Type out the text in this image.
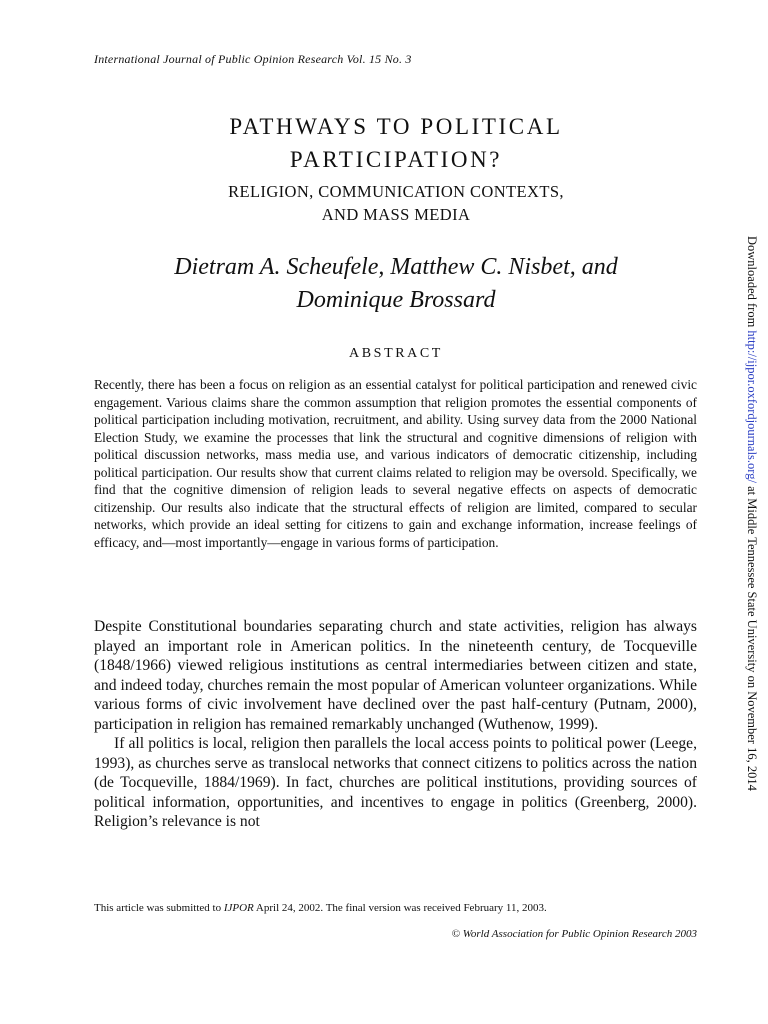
International Journal of Public Opinion Research Vol. 15 No. 3
PATHWAYS TO POLITICAL
PARTICIPATION?
RELIGION, COMMUNICATION CONTEXTS,
AND MASS MEDIA
Dietram A. Scheufele, Matthew C. Nisbet, and
Dominique Brossard
ABSTRACT
Recently, there has been a focus on religion as an essential catalyst for political participation and renewed civic engagement. Various claims share the common assumption that religion promotes the essential components of political participation including motivation, recruitment, and ability. Using survey data from the 2000 National Election Study, we examine the processes that link the structural and cognitive dimensions of religion with political discussion networks, mass media use, and various indicators of democratic citizenship, including political participation. Our results show that current claims related to religion may be oversold. Specifically, we find that the cognitive dimension of religion leads to several negative effects on aspects of democratic citizenship. Our results also indicate that the structural effects of religion are limited, compared to secular networks, which provide an ideal setting for citizens to gain and exchange information, increase feelings of efficacy, and—most importantly—engage in various forms of participation.

Despite Constitutional boundaries separating church and state activities, religion has always played an important role in American politics. In the nineteenth century, de Tocqueville (1848/1966) viewed religious institutions as central intermediaries between citizen and state, and indeed today, churches remain the most popular of American volunteer organizations. While various forms of civic involvement have declined over the past half-century (Putnam, 2000), participation in religion has remained remarkably unchanged (Wuthenow, 1999).

If all politics is local, religion then parallels the local access points to political power (Leege, 1993), as churches serve as translocal networks that connect citizens to politics across the nation (de Tocqueville, 1884/1969). In fact, churches are political institutions, providing sources of political information, opportunities, and incentives to engage in politics (Greenberg, 2000). Religion’s relevance is not

This article was submitted to IJPOR April 24, 2002. The final version was received February 11, 2003.
© World Association for Public Opinion Research 2003
Downloaded from http://ijpor.oxfordjournals.org/ at Middle Tennessee State University on November 16, 2014
